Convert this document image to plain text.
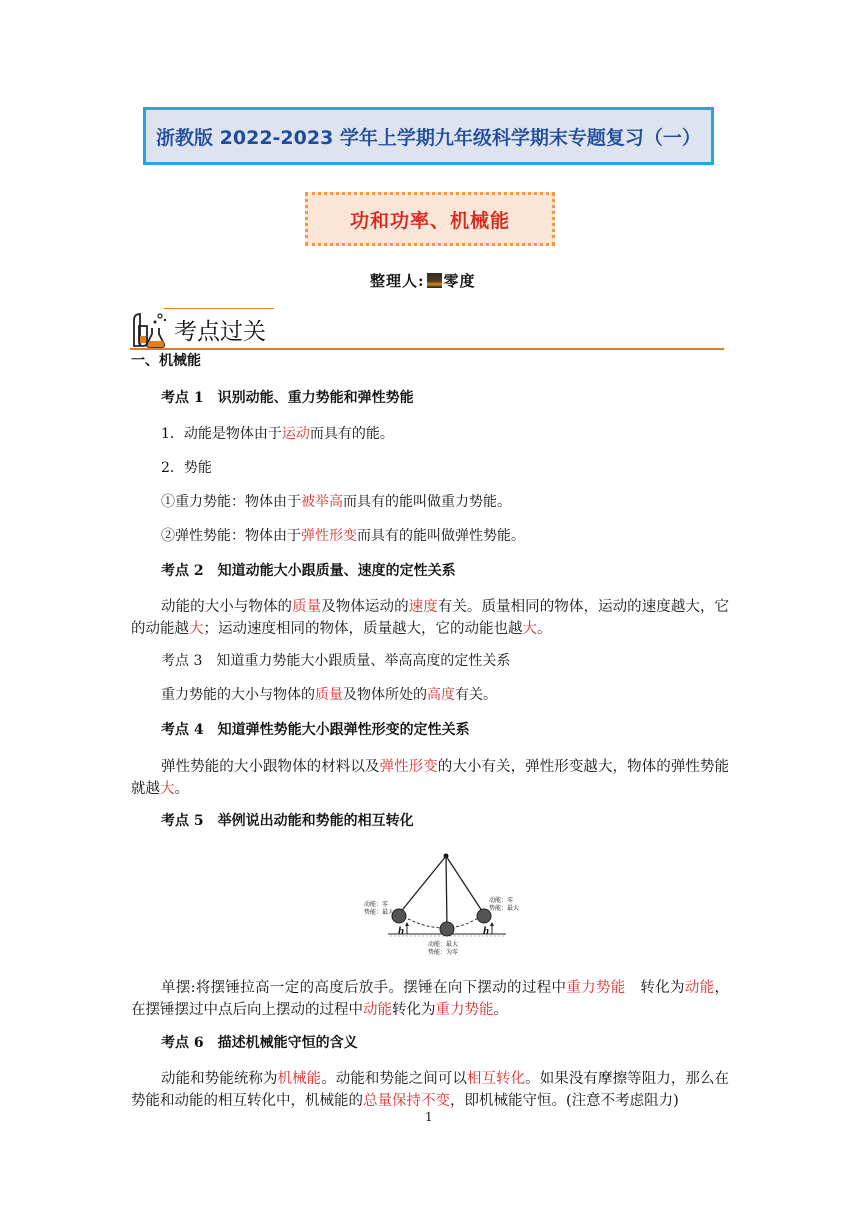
浙教版 2022-2023 学年上学期九年级科学期末专题复习（一）
功和功率、机械能
整理人: 零度
考点过关
一、机械能
考点 1　识别动能、重力势能和弹性势能
1．动能是物体由于运动而具有的能。
2．势能
①重力势能：物体由于被举高而具有的能叫做重力势能。
②弹性势能：物体由于弹性形变而具有的能叫做弹性势能。
考点 2　知道动能大小跟质量、速度的定性关系
动能的大小与物体的质量及物体运动的速度有关。质量相同的物体，运动的速度越大，它的动能越大；运动速度相同的物体，质量越大，它的动能也越大。
考点 3　知道重力势能大小跟质量、举高高度的定性关系
重力势能的大小与物体的质量及物体所处的高度有关。
考点 4　知道弹性势能大小跟弹性形变的定性关系
弹性势能的大小跟物体的材料以及弹性形变的大小有关，弹性形变越大，物体的弹性势能就越大。
考点 5　举例说出动能和势能的相互转化
h	h
动能：零
势能：最大
动能：零
势能：最大
动能：最大
势能：为零
单摆:将摆锤拉高一定的高度后放手。摆锤在向下摆动的过程中重力势能　转化为动能，在摆锤摆过中点后向上摆动的过程中动能转化为重力势能。
考点 6　描述机械能守恒的含义
动能和势能统称为机械能。动能和势能之间可以相互转化。如果没有摩擦等阻力，那么在势能和动能的相互转化中，机械能的总量保持不变，即机械能守恒。(注意不考虑阻力)
1
